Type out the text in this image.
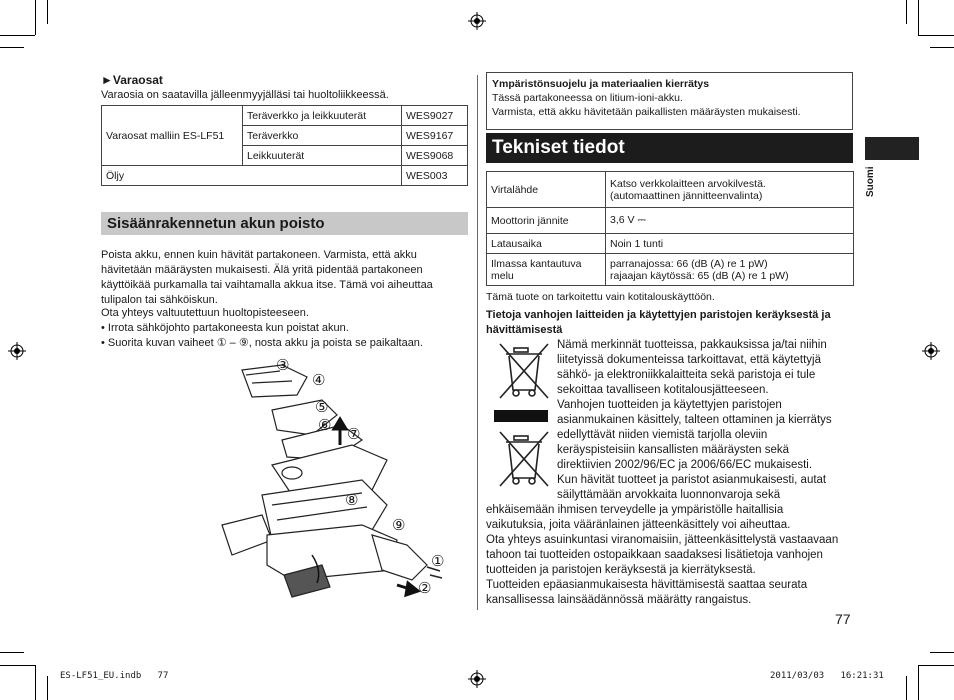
►Varaosat
Varaosia on saatavilla jälleenmyyjälläsi tai huoltoliikkeessä.
Varaosat malliin ES-LF51	Teräverkko ja leikkuuterät	WES9027
	Teräverkko	WES9167
	Leikkuuterät	WES9068
Öljy		WES003
Sisäänrakennetun akun poisto
Poista akku, ennen kuin hävität partakoneen. Varmista, että akku hävitetään määräysten mukaisesti. Älä yritä pidentää partakoneen käyttöikää purkamalla tai vaihtamalla akkua itse. Tämä voi aiheuttaa tulipalon tai sähköiskun.
Ota yhteys valtuutettuun huoltopisteeseen.
• Irrota sähköjohto partakoneesta kun poistat akun.
• Suorita kuvan vaiheet ① – ⑨, nosta akku ja poista se paikaltaan.
③
④
⑤
⑥
⑦
⑧
⑨
①
②
Ympäristönsuojelu ja materiaalien kierrätys
Tässä partakoneessa on litium-ioni-akku.
Varmista, että akku hävitetään paikallisten määräysten mukaisesti.
Tekniset tiedot
Virtalähde	Katso verkkolaitteen arvokilvestä.
(automaattinen jännitteenvalinta)

Moottorin jännite	3,6 V ⎓
Latausaika	Noin 1 tunti
Ilmassa kantautuva melu	parranajossa: 66 (dB (A) re 1 pW)
rajaajan käytössä: 65 (dB (A) re 1 pW)
Tämä tuote on tarkoitettu vain kotitalouskäyttöön.
Tietoja vanhojen laitteiden ja käytettyjen paristojen keräyksestä ja hävittämisestä
Nämä merkinnät tuotteissa, pakkauksissa ja/tai niihin
liitetyissä dokumenteissa tarkoittavat, että käytettyjä
sähkö- ja elektroniikkalaitteita sekä paristoja ei tule
sekoittaa tavalliseen kotitalousjätteeseen.
Vanhojen tuotteiden ja käytettyjen paristojen
asianmukainen käsittely, talteen ottaminen ja kierrätys
edellyttävät niiden viemistä tarjolla oleviin
keräyspisteisiin kansallisten määräysten sekä
direktiivien 2002/96/EC ja 2006/66/EC mukaisesti.
Kun hävität tuotteet ja paristot asianmukaisesti, autat
säilyttämään arvokkaita luonnonvaroja sekä
ehkäisemään ihmisen terveydelle ja ympäristölle haitallisia
vaikutuksia, joita vääränlainen jätteenkäsittely voi aiheuttaa.
Ota yhteys asuinkuntasi viranomaisiin, jätteenkäsittelystä vastaavaan
tahoon tai tuotteiden ostopaikkaan saadaksesi lisätietoja vanhojen
tuotteiden ja paristojen keräyksestä ja kierrätyksestä.
Tuotteiden epäasianmukaisesta hävittämisestä saattaa seurata
kansallisessa lainsäädännössä määrätty rangaistus.
Suomi
77
ES-LF51_EU.indb   77	2011/03/03   16:21:31
